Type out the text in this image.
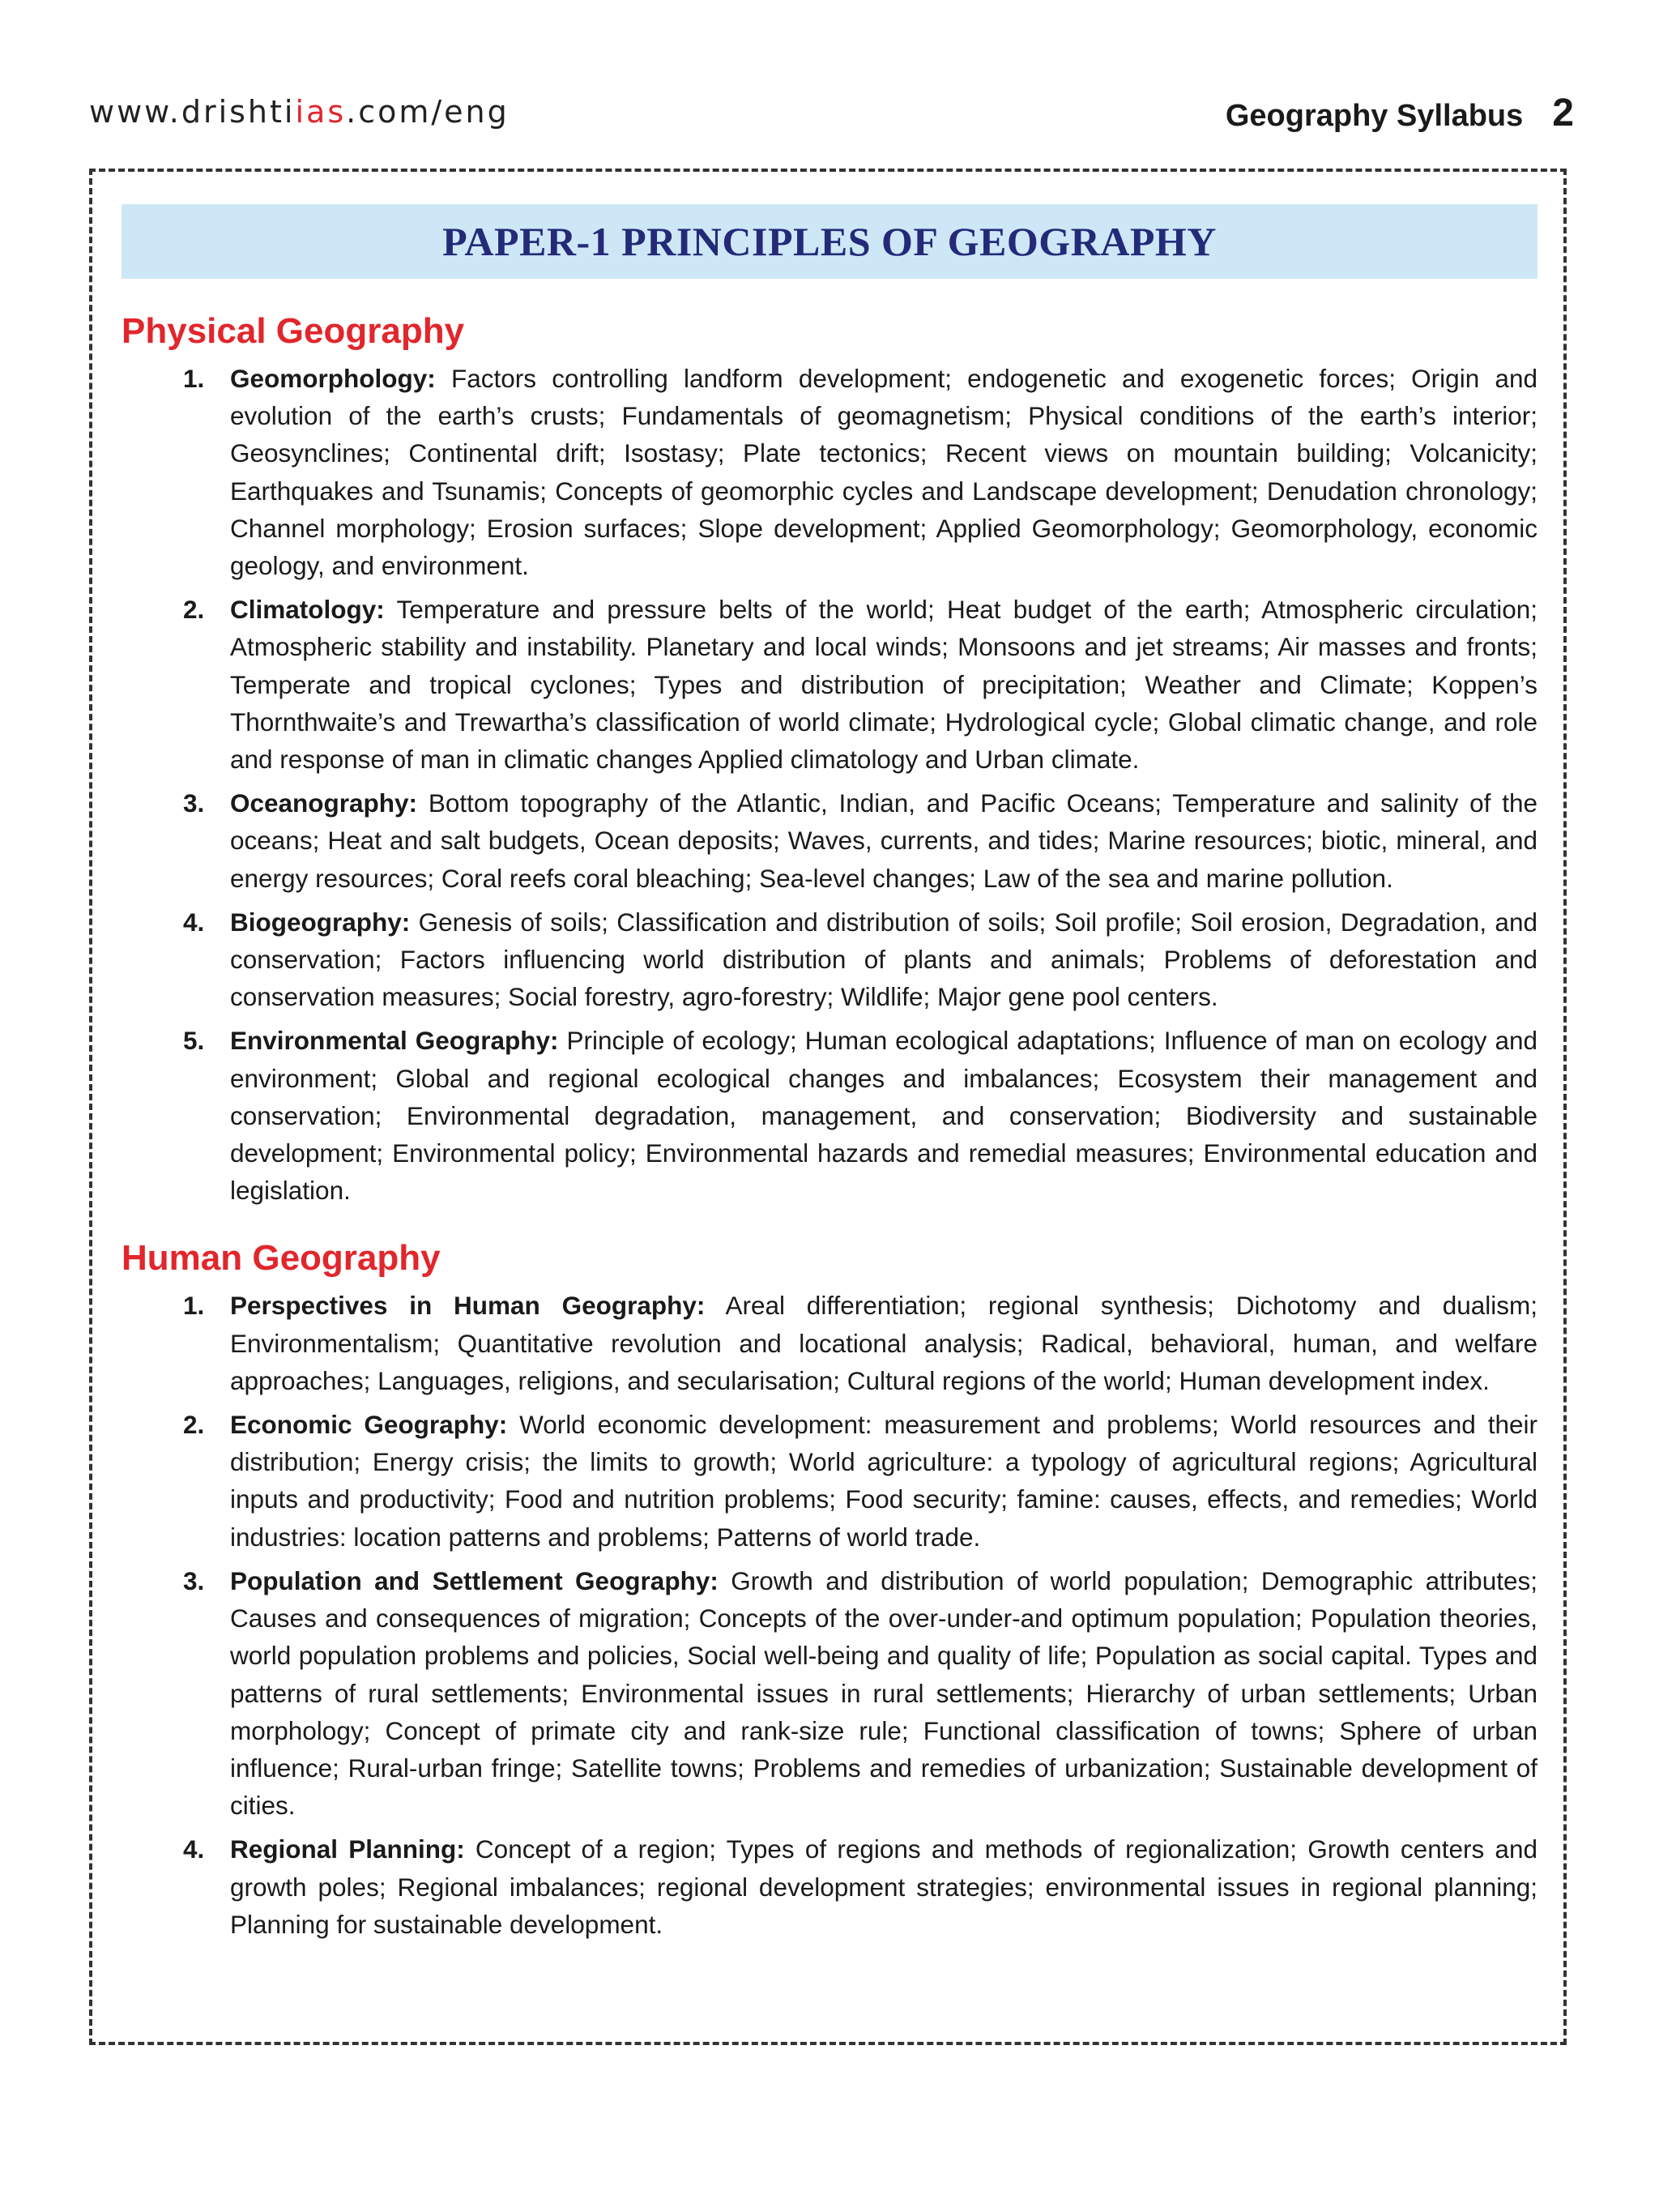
www.drishtiias.com/eng	Geography Syllabus 2
PAPER-1 PRINCIPLES OF GEOGRAPHY
Physical Geography
1. Geomorphology: Factors controlling landform development; endogenetic and exogenetic forces; Origin and evolution of the earth’s crusts; Fundamentals of geomagnetism; Physical conditions of the earth’s interior; Geosynclines; Continental drift; Isostasy; Plate tectonics; Recent views on mountain building; Volcanicity; Earthquakes and Tsunamis; Concepts of geomorphic cycles and Landscape development; Denudation chronology; Channel morphology; Erosion surfaces; Slope development; Applied Geomorphology; Geomorphology, economic geology, and environment.
2. Climatology: Temperature and pressure belts of the world; Heat budget of the earth; Atmospheric circulation; Atmospheric stability and instability. Planetary and local winds; Monsoons and jet streams; Air masses and fronts; Temperate and tropical cyclones; Types and distribution of precipitation; Weather and Climate; Koppen’s Thornthwaite’s and Trewartha’s classification of world climate; Hydrological cycle; Global climatic change, and role and response of man in climatic changes Applied climatology and Urban climate.
3. Oceanography: Bottom topography of the Atlantic, Indian, and Pacific Oceans; Temperature and salinity of the oceans; Heat and salt budgets, Ocean deposits; Waves, currents, and tides; Marine resources; biotic, mineral, and energy resources; Coral reefs coral bleaching; Sea-level changes; Law of the sea and marine pollution.
4. Biogeography: Genesis of soils; Classification and distribution of soils; Soil profile; Soil erosion, Degradation, and conservation; Factors influencing world distribution of plants and animals; Problems of deforestation and conservation measures; Social forestry, agro-forestry; Wildlife; Major gene pool centers.
5. Environmental Geography: Principle of ecology; Human ecological adaptations; Influence of man on ecology and environment; Global and regional ecological changes and imbalances; Ecosystem their management and conservation; Environmental degradation, management, and conservation; Biodiversity and sustainable development; Environmental policy; Environmental hazards and remedial measures; Environmental education and legislation.
Human Geography
1. Perspectives in Human Geography: Areal differentiation; regional synthesis; Dichotomy and dualism; Environmentalism; Quantitative revolution and locational analysis; Radical, behavioral, human, and welfare approaches; Languages, religions, and secularisation; Cultural regions of the world; Human development index.
2. Economic Geography: World economic development: measurement and problems; World resources and their distribution; Energy crisis; the limits to growth; World agriculture: a typology of agricultural regions; Agricultural inputs and productivity; Food and nutrition problems; Food security; famine: causes, effects, and remedies; World industries: location patterns and problems; Patterns of world trade.
3. Population and Settlement Geography: Growth and distribution of world population; Demographic attributes; Causes and consequences of migration; Concepts of the over-under-and optimum population; Population theories, world population problems and policies, Social well-being and quality of life; Population as social capital. Types and patterns of rural settlements; Environmental issues in rural settlements; Hierarchy of urban settlements; Urban morphology; Concept of primate city and rank-size rule; Functional classification of towns; Sphere of urban influence; Rural-urban fringe; Satellite towns; Problems and remedies of urbanization; Sustainable development of cities.
4. Regional Planning: Concept of a region; Types of regions and methods of regionalization; Growth centers and growth poles; Regional imbalances; regional development strategies; environmental issues in regional planning; Planning for sustainable development.
